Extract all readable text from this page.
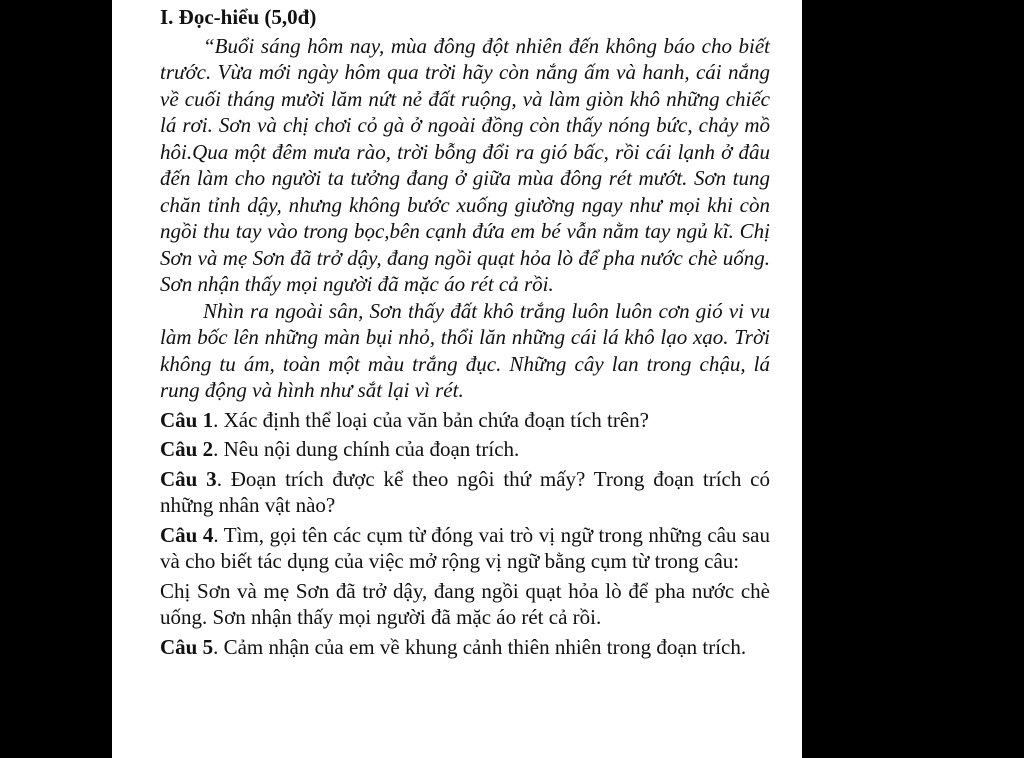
I. Đọc-hiểu (5,0đ)

“Buổi sáng hôm nay, mùa đông đột nhiên đến không báo cho biết trước. Vừa mới ngày hôm qua trời hãy còn nắng ấm và hanh, cái nắng về cuối tháng mười lăm nứt nẻ đất ruộng, và làm giòn khô những chiếc lá rơi. Sơn và chị chơi cỏ gà ở ngoài đồng còn thấy nóng bức, chảy mồ hôi.Qua một đêm mưa rào, trời bỗng đổi ra gió bấc, rồi cái lạnh ở đâu đến làm cho người ta tưởng đang ở giữa mùa đông rét mướt. Sơn tung chăn tỉnh dậy, nhưng không bước xuống giường ngay như mọi khi còn ngồi thu tay vào trong bọc,bên cạnh đứa em bé vẫn nằm tay ngủ kĩ. Chị Sơn và mẹ Sơn đã trở dậy, đang ngồi quạt hỏa lò để pha nước chè uống. Sơn nhận thấy mọi người đã mặc áo rét cả rồi.

Nhìn ra ngoài sân, Sơn thấy đất khô trắng luôn luôn cơn gió vi vu làm bốc lên những màn bụi nhỏ, thổi lăn những cái lá khô lạo xạo. Trời không tu ám, toàn một màu trắng đục. Những cây lan trong chậu, lá rung động và hình như sắt lại vì rét.

Câu 1. Xác định thể loại của văn bản chứa đoạn tích trên?

Câu 2. Nêu nội dung chính của đoạn trích.

Câu 3. Đoạn trích được kể theo ngôi thứ mấy? Trong đoạn trích có những nhân vật nào?

Câu 4. Tìm, gọi tên các cụm từ đóng vai trò vị ngữ trong những câu sau và cho biết tác dụng của việc mở rộng vị ngữ bằng cụm từ trong câu:

Chị Sơn và mẹ Sơn đã trở dậy, đang ngồi quạt hỏa lò để pha nước chè uống. Sơn nhận thấy mọi người đã mặc áo rét cả rồi.

Câu 5. Cảm nhận của em về khung cảnh thiên nhiên trong đoạn trích.
